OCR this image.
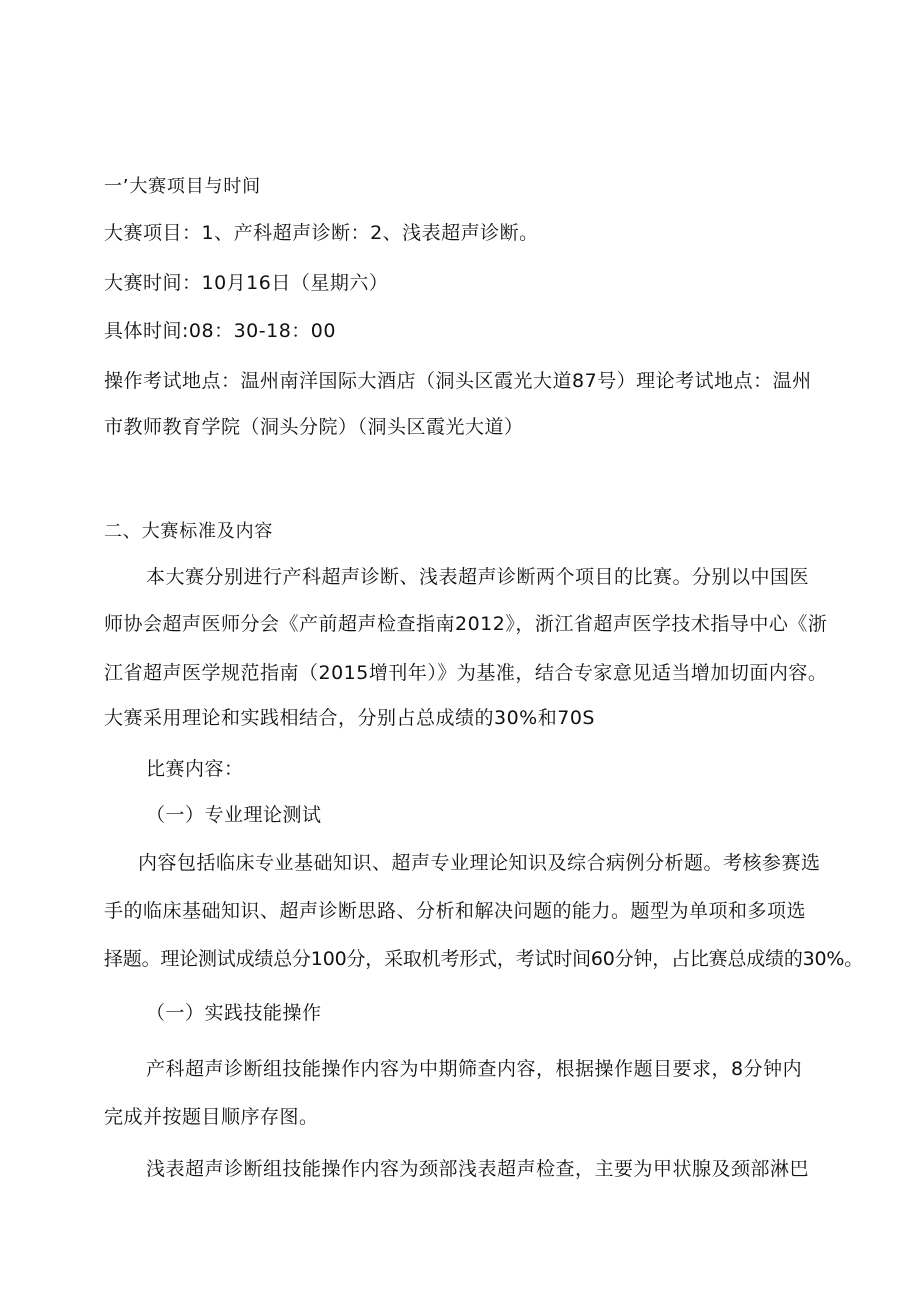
一’大赛项目与时间
大赛项目：1、产科超声诊断：2、浅表超声诊断。
大赛时间：10月16日（星期六）
具体时间:08：30-18：00
操作考试地点：温州南洋国际大酒店（洞头区霞光大道87号）理论考试地点：温州
市教师教育学院（洞头分院）（洞头区霞光大道）
二、大赛标准及内容
本大赛分别进行产科超声诊断、浅表超声诊断两个项目的比赛。分别以中国医
师协会超声医师分会《产前超声检查指南2012》，浙江省超声医学技术指导中心《浙
江省超声医学规范指南（2015增刊年）》为基准，结合专家意见适当增加切面内容。
大赛采用理论和实践相结合，分别占总成绩的30%和70S
比赛内容：
（一）专业理论测试
内容包括临床专业基础知识、超声专业理论知识及综合病例分析题。考核参赛选
手的临床基础知识、超声诊断思路、分析和解决问题的能力。题型为单项和多项选
择题。理论测试成绩总分100分，采取机考形式，考试时间60分钟，占比赛总成绩的30%。
（一）实践技能操作
产科超声诊断组技能操作内容为中期筛查内容，根据操作题目要求，8分钟内
完成并按题目顺序存图。
浅表超声诊断组技能操作内容为颈部浅表超声检查，主要为甲状腺及颈部淋巴
